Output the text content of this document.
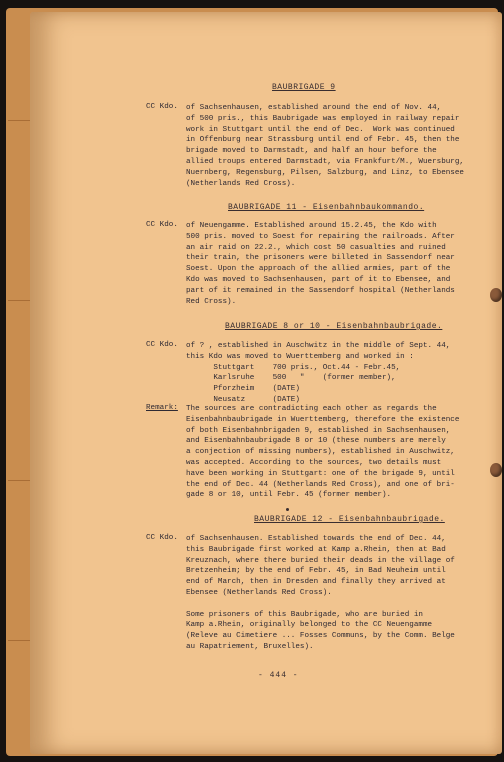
BAUBRIGADE 9
CC Kdo. of Sachsenhausen, established around the end of Nov. 44,
of 500 pris., this Baubrigade was employed in railway repair
work in Stuttgart until the end of Dec.  Work was continued
in Offenburg near Strassburg until end of Febr. 45, then the
brigade moved to Darmstadt, and half an hour before the
allied troups entered Darmstadt, via Frankfurt/M., Wuersburg,
Nuernberg, Regensburg, Pilsen, Salzburg, and Linz, to Ebensee
(Netherlands Red Cross).
BAUBRIGADE 11 - Eisenbahnbaukommando.
CC Kdo. of Neuengamme. Established around 15.2.45, the Kdo with
500 pris. moved to Soest for repairing the railroads. After
an air raid on 22.2., which cost 50 casualties and ruined
their train, the prisoners were billeted in Sassendorf near
Soest. Upon the approach of the allied armies, part of the
Kdo was moved to Sachsenhausen, part of it to Ebensee, and
part of it remained in the Sassendorf hospital (Netherlands
Red Cross).
BAUBRIGADE 8 or 10 - Eisenbahnbaubrigade.
CC Kdo. of ? , established in Auschwitz in the middle of Sept. 44,
this Kdo was moved to Wuerttemberg and worked in :
Stuttgart    700 pris., Oct.44 - Febr.45,
Karlsruhe    500   "    (former member),
Pforzheim    (DATE)
Neusatz      (DATE)
Remark: The sources are contradicting each other as regards the
Eisenbahnbaubrigade in Wuerttemberg, therefore the existence
of both Eisenbahnbrigaden 9, established in Sachsenhausen,
and Eisenbahnbaubrigade 8 or 10 (these numbers are merely
a conjection of missing numbers), established in Auschwitz,
was accepted. According to the sources, two details must
have been working in Stuttgart: one of the brigade 9, until
the end of Dec. 44 (Netherlands Red Cross), and one of bri-
gade 8 or 10, until Febr. 45 (former member).
BAUBRIGADE 12 - Eisenbahnbaubrigade.
CC Kdo. of Sachsenhausen. Established towards the end of Dec. 44,
this Baubrigade first worked at Kamp a.Rhein, then at Bad
Kreuznach, where there buried their deads in the village of
Bretzenheim; by the end of Febr. 45, in Bad Neuheim until
end of March, then in Dresden and finally they arrived at
Ebensee (Netherlands Red Cross).

Some prisoners of this Baubrigade, who are buried in
Kamp a.Rhein, originally belonged to the CC Neuengamme
(Releve au Cimetiere ... Fosses Communs, by the Comm. Belge
au Rapatriement, Bruxelles).
- 444 -
